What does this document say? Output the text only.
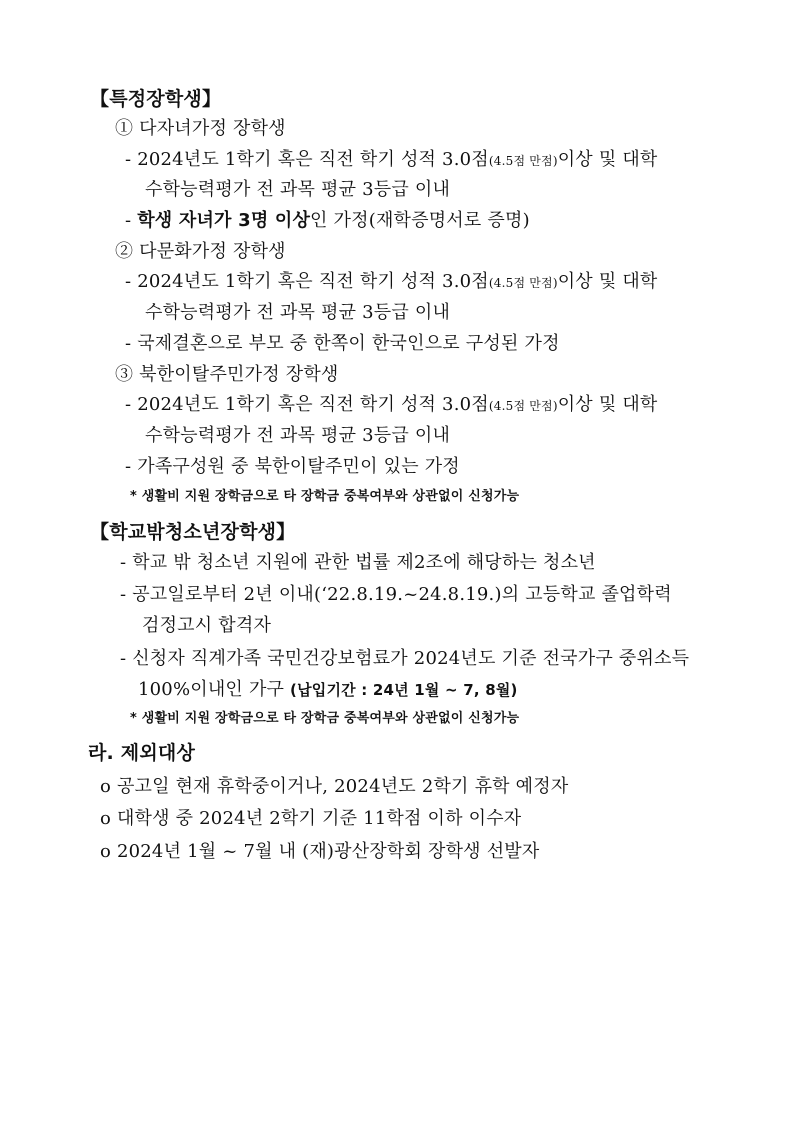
【특정장학생】
① 다자녀가정 장학생
- 2024년도 1학기 혹은 직전 학기 성적 3.0점(4.5점 만점)이상 및 대학
수학능력평가 전 과목 평균 3등급 이내
- 학생 자녀가 3명 이상인 가정(재학증명서로 증명)
② 다문화가정 장학생
- 2024년도 1학기 혹은 직전 학기 성적 3.0점(4.5점 만점)이상 및 대학
수학능력평가 전 과목 평균 3등급 이내
- 국제결혼으로 부모 중 한쪽이 한국인으로 구성된 가정
③ 북한이탈주민가정 장학생
- 2024년도 1학기 혹은 직전 학기 성적 3.0점(4.5점 만점)이상 및 대학
수학능력평가 전 과목 평균 3등급 이내
- 가족구성원 중 북한이탈주민이 있는 가정
* 생활비 지원 장학금으로 타 장학금 중복여부와 상관없이 신청가능
【학교밖청소년장학생】
- 학교 밖 청소년 지원에 관한 법률 제2조에 해당하는 청소년
- 공고일로부터 2년 이내(‘22.8.19.~24.8.19.)의 고등학교 졸업학력
검정고시 합격자
- 신청자 직계가족 국민건강보험료가 2024년도 기준 전국가구 중위소득
100%이내인 가구 (납입기간 : 24년 1월 ~ 7, 8월)
* 생활비 지원 장학금으로 타 장학금 중복여부와 상관없이 신청가능
라. 제외대상
o 공고일 현재 휴학중이거나, 2024년도 2학기 휴학 예정자
o 대학생 중 2024년 2학기 기준 11학점 이하 이수자
o 2024년 1월 ~ 7월 내 (재)광산장학회 장학생 선발자
